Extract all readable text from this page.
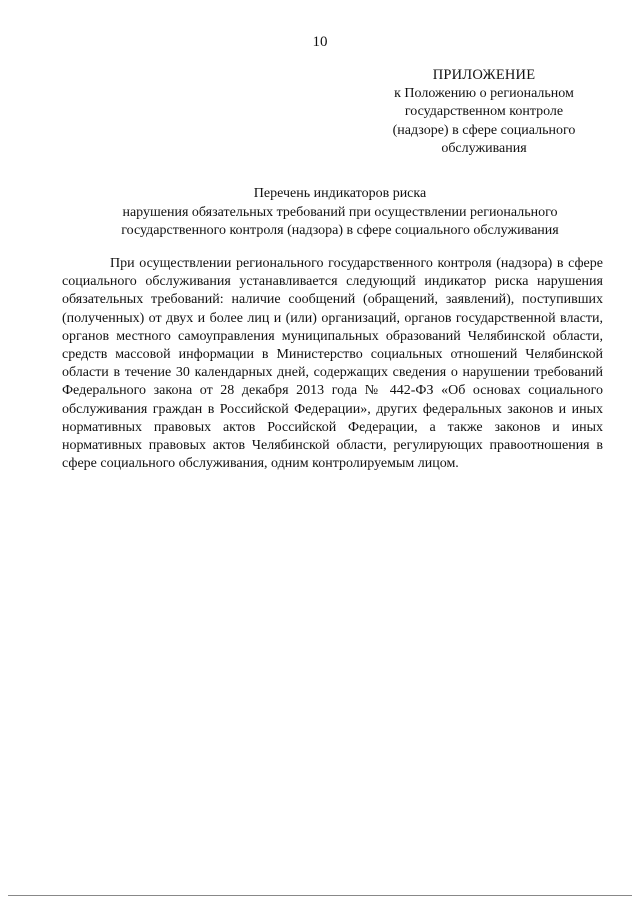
10
ПРИЛОЖЕНИЕ
к Положению о региональном
государственном контроле
(надзоре) в сфере социального
обслуживания
Перечень индикаторов риска
нарушения обязательных требований при осуществлении регионального
государственного контроля (надзора) в сфере социального обслуживания

При осуществлении регионального государственного контроля (надзора) в сфере социального обслуживания устанавливается следующий индикатор риска нарушения обязательных требований: наличие сообщений (обращений, заявлений), поступивших (полученных) от двух и более лиц и (или) организаций, органов государственной власти, органов местного самоуправления муниципальных образований Челябинской области, средств массовой информации в Министерство социальных отношений Челябинской области в течение 30 календарных дней, содержащих сведения о нарушении требований Федерального закона от 28 декабря 2013 года № 442-ФЗ «Об основах социального обслуживания граждан в Российской Федерации», других федеральных законов и иных нормативных правовых актов Российской Федерации, а также законов и иных нормативных правовых актов Челябинской области, регулирующих правоотношения в сфере социального обслуживания, одним контролируемым лицом.
